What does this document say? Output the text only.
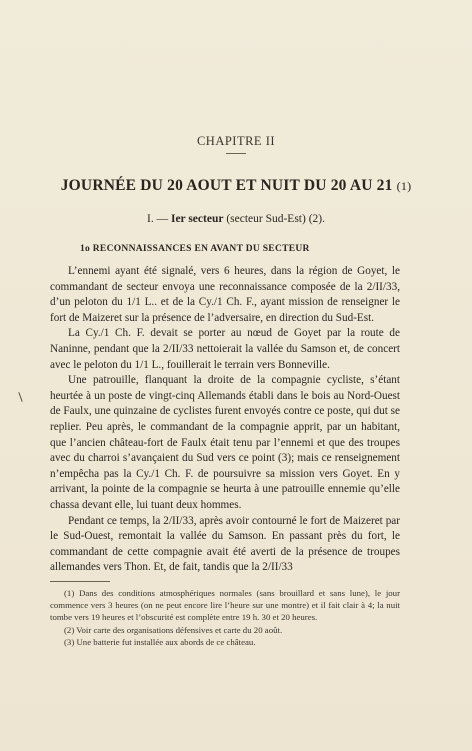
CHAPITRE II
JOURNÉE DU 20 AOUT ET NUIT DU 20 AU 21 (1)
I. — Ier secteur (secteur Sud-Est) (2).
1o RECONNAISSANCES EN AVANT DU SECTEUR

L’ennemi ayant été signalé, vers 6 heures, dans la région de Goyet, le commandant de secteur envoya une reconnaissance composée de la 2/II/33, d’un peloton du 1/1 L.. et de la Cy./1 Ch. F., ayant mission de renseigner le fort de Maizeret sur la présence de l’adversaire, en direction du Sud-Est.

La Cy./1 Ch. F. devait se porter au nœud de Goyet par la route de Naninne, pendant que la 2/II/33 nettoierait la vallée du Samson et, de concert avec le peloton du 1/1 L., fouillerait le terrain vers Bonneville.

Une patrouille, flanquant la droite de la compagnie cycliste, s’étant heurtée à un poste de vingt-cinq Allemands établi dans le bois au Nord-Ouest de Faulx, une quinzaine de cyclistes furent envoyés contre ce poste, qui dut se replier. Peu après, le commandant de la compagnie apprit, par un habitant, que l’ancien château-fort de Faulx était tenu par l’ennemi et que des troupes avec du charroi s’avançaient du Sud vers ce point (3); mais ce renseignement n’empêcha pas la Cy./1 Ch. F. de poursuivre sa mission vers Goyet. En y arrivant, la pointe de la compagnie se heurta à une patrouille ennemie qu’elle chassa devant elle, lui tuant deux hommes.

Pendant ce temps, la 2/II/33, après avoir contourné le fort de Maizeret par le Sud-Ouest, remontait la vallée du Samson. En passant près du fort, le commandant de cette compagnie avait été averti de la présence de troupes allemandes vers Thon. Et, de fait, tandis que la 2/II/33

(1) Dans des conditions atmosphériques normales (sans brouillard et sans lune), le jour commence vers 3 heures (on ne peut encore lire l’heure sur une montre) et il fait clair à 4; la nuit tombe vers 19 heures et l’obscurité est complète entre 19 h. 30 et 20 heures.

(2) Voir carte des organisations défensives et carte du 20 août.

(3) Une batterie fut installée aux abords de ce château.
